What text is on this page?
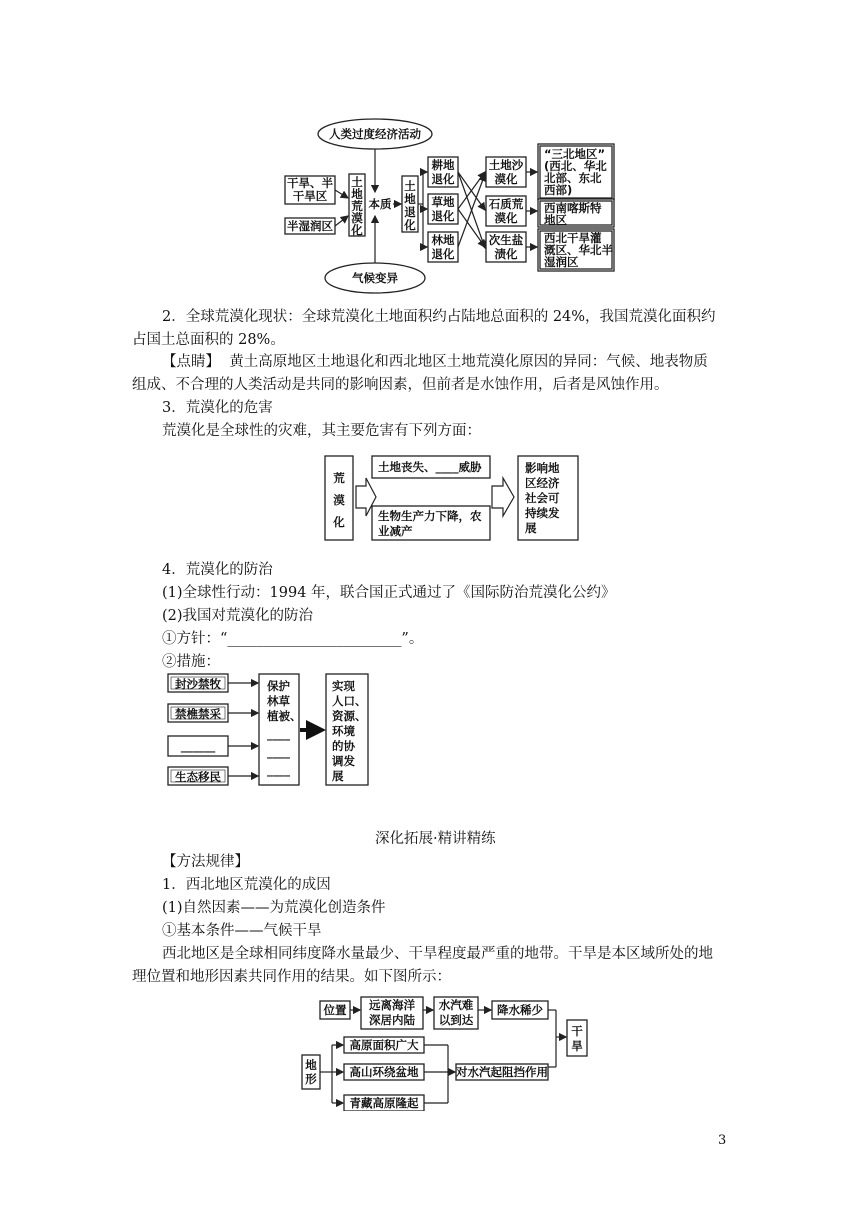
人类过度经济活动
气候变异
干旱、半
干旱区
半湿润区
土
地
荒
漠
化
本质
土
地
退
化
耕地
退化
草地
退化
林地
退化
土地沙
漠化
石质荒
漠化
次生盐
渍化
“三北地区”
(西北、华北
北部、东北
西部)
西南喀斯特
地区
西北干旱灌
溉区、华北半
湿润区
2．全球荒漠化现状：全球荒漠化土地面积约占陆地总面积的 24%，我国荒漠化面积约
占国土总面积的 28%。
【点睛】 黄土高原地区土地退化和西北地区土地荒漠化原因的异同：气候、地表物质
组成、不合理的人类活动是共同的影响因素，但前者是水蚀作用，后者是风蚀作用。
3．荒漠化的危害
荒漠化是全球性的灾难，其主要危害有下列方面：
荒
漠
化
土地丧失、____威胁
生物生产力下降，农
业减产
影响地
区经济
社会可
持续发
展
4．荒漠化的防治
(1)全球性行动：1994 年，联合国正式通过了《国际防治荒漠化公约》
(2)我国对荒漠化的防治
①方针：“________________________”。
②措施：
封沙禁牧
禁樵禁采
______
生态移民
保护
林草
植被、
____
____
____
实现
人口、
资源、
环境
的协
调发
展
深化拓展·精讲精练
【方法规律】
1．西北地区荒漠化的成因
(1)自然因素——为荒漠化创造条件
①基本条件——气候干旱
西北地区是全球相同纬度降水量最少、干旱程度最严重的地带。干旱是本区域所处的地
理位置和地形因素共同作用的结果。如下图所示：
位置 远离海洋
深居内陆
水汽难
以到达
降水稀少
干
旱
地
形
高原面积广大
高山环绕盆地
青藏高原隆起
对水汽起阻挡作用
3
